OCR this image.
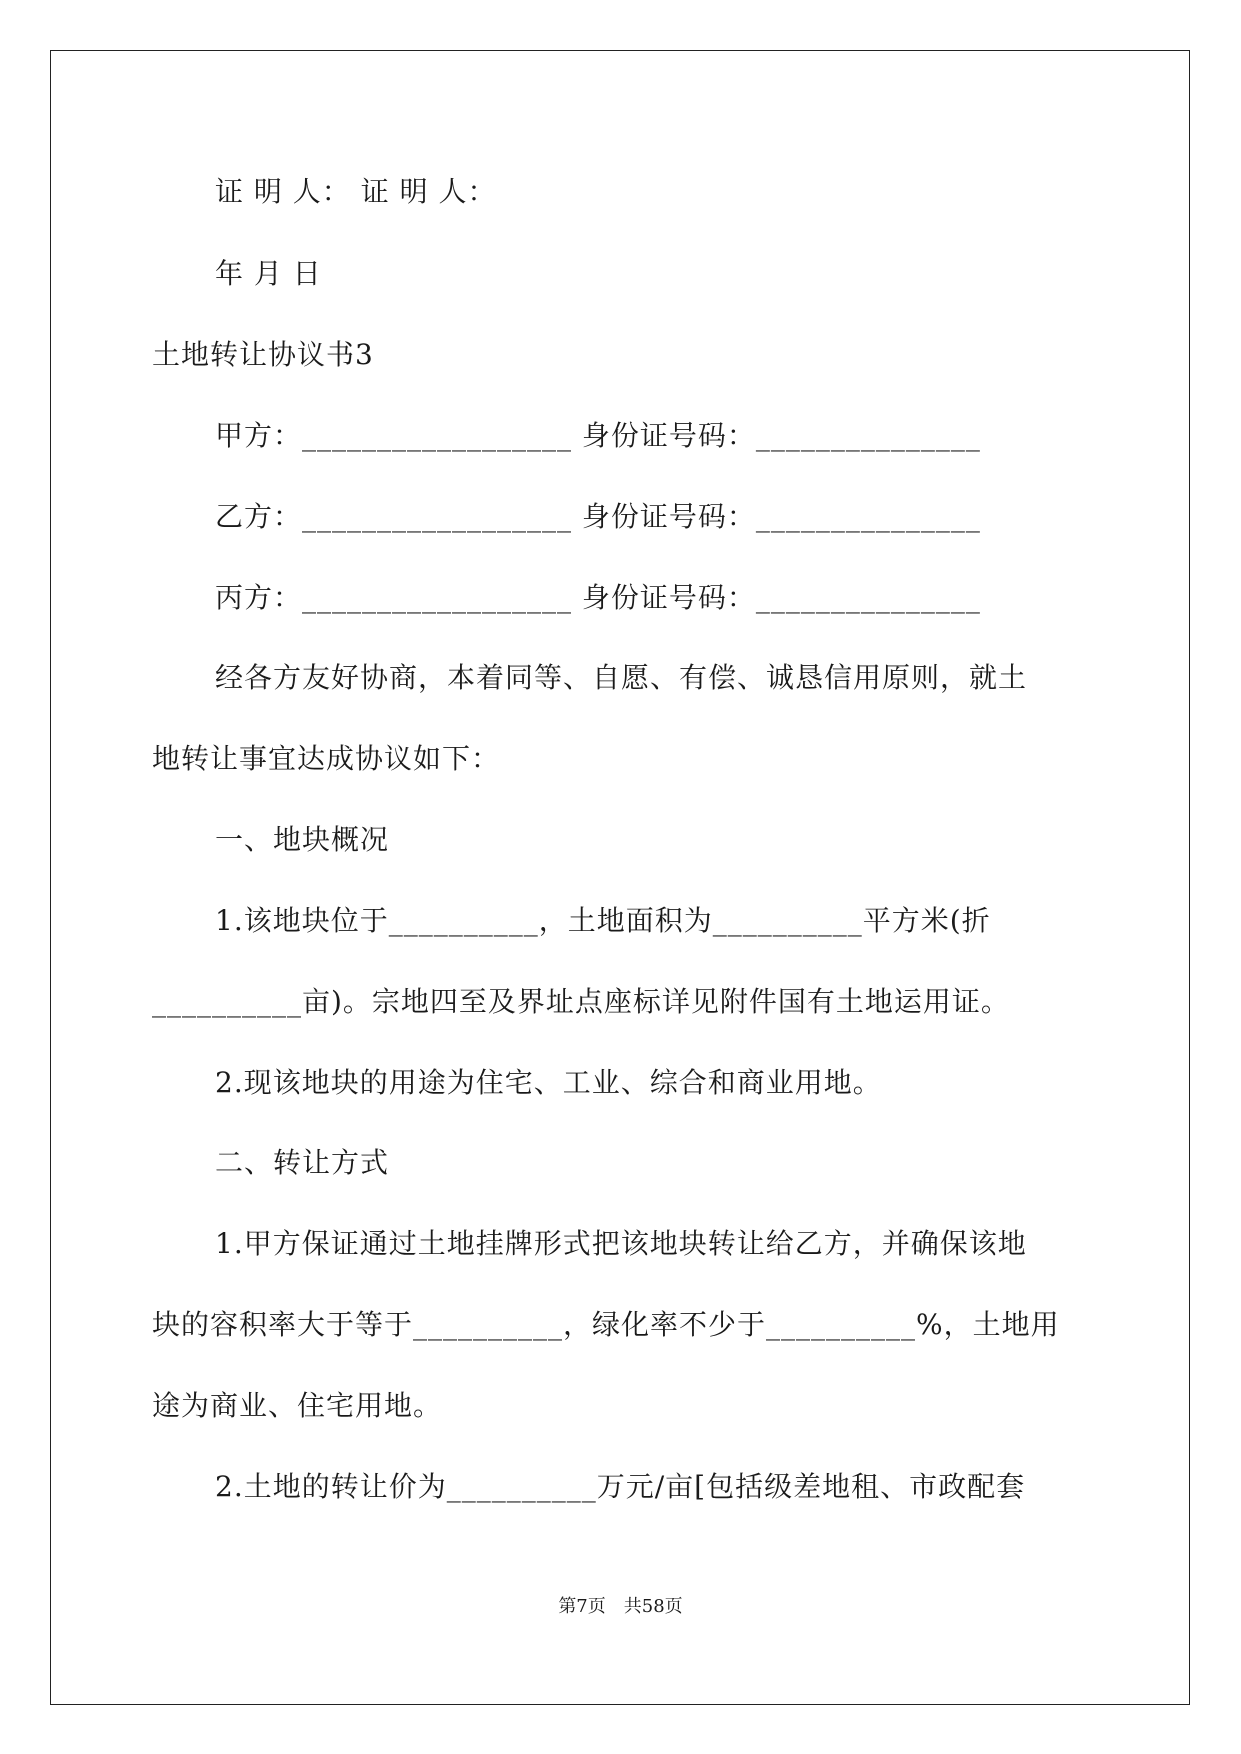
证 明 人： 证 明 人：
年 月 日
土地转让协议书3
甲方：__________________ 身份证号码：_______________
乙方：__________________ 身份证号码：_______________
丙方：__________________ 身份证号码：_______________
经各方友好协商，本着同等、自愿、有偿、诚恳信用原则，就土
地转让事宜达成协议如下：
一、地块概况
1.该地块位于__________，土地面积为__________平方米(折
__________亩)。宗地四至及界址点座标详见附件国有土地运用证。
2.现该地块的用途为住宅、工业、综合和商业用地。
二、转让方式
1.甲方保证通过土地挂牌形式把该地块转让给乙方，并确保该地
块的容积率大于等于__________，绿化率不少于__________%，土地用
途为商业、住宅用地。
2.土地的转让价为__________万元/亩[包括级差地租、市政配套
第7页　共58页
